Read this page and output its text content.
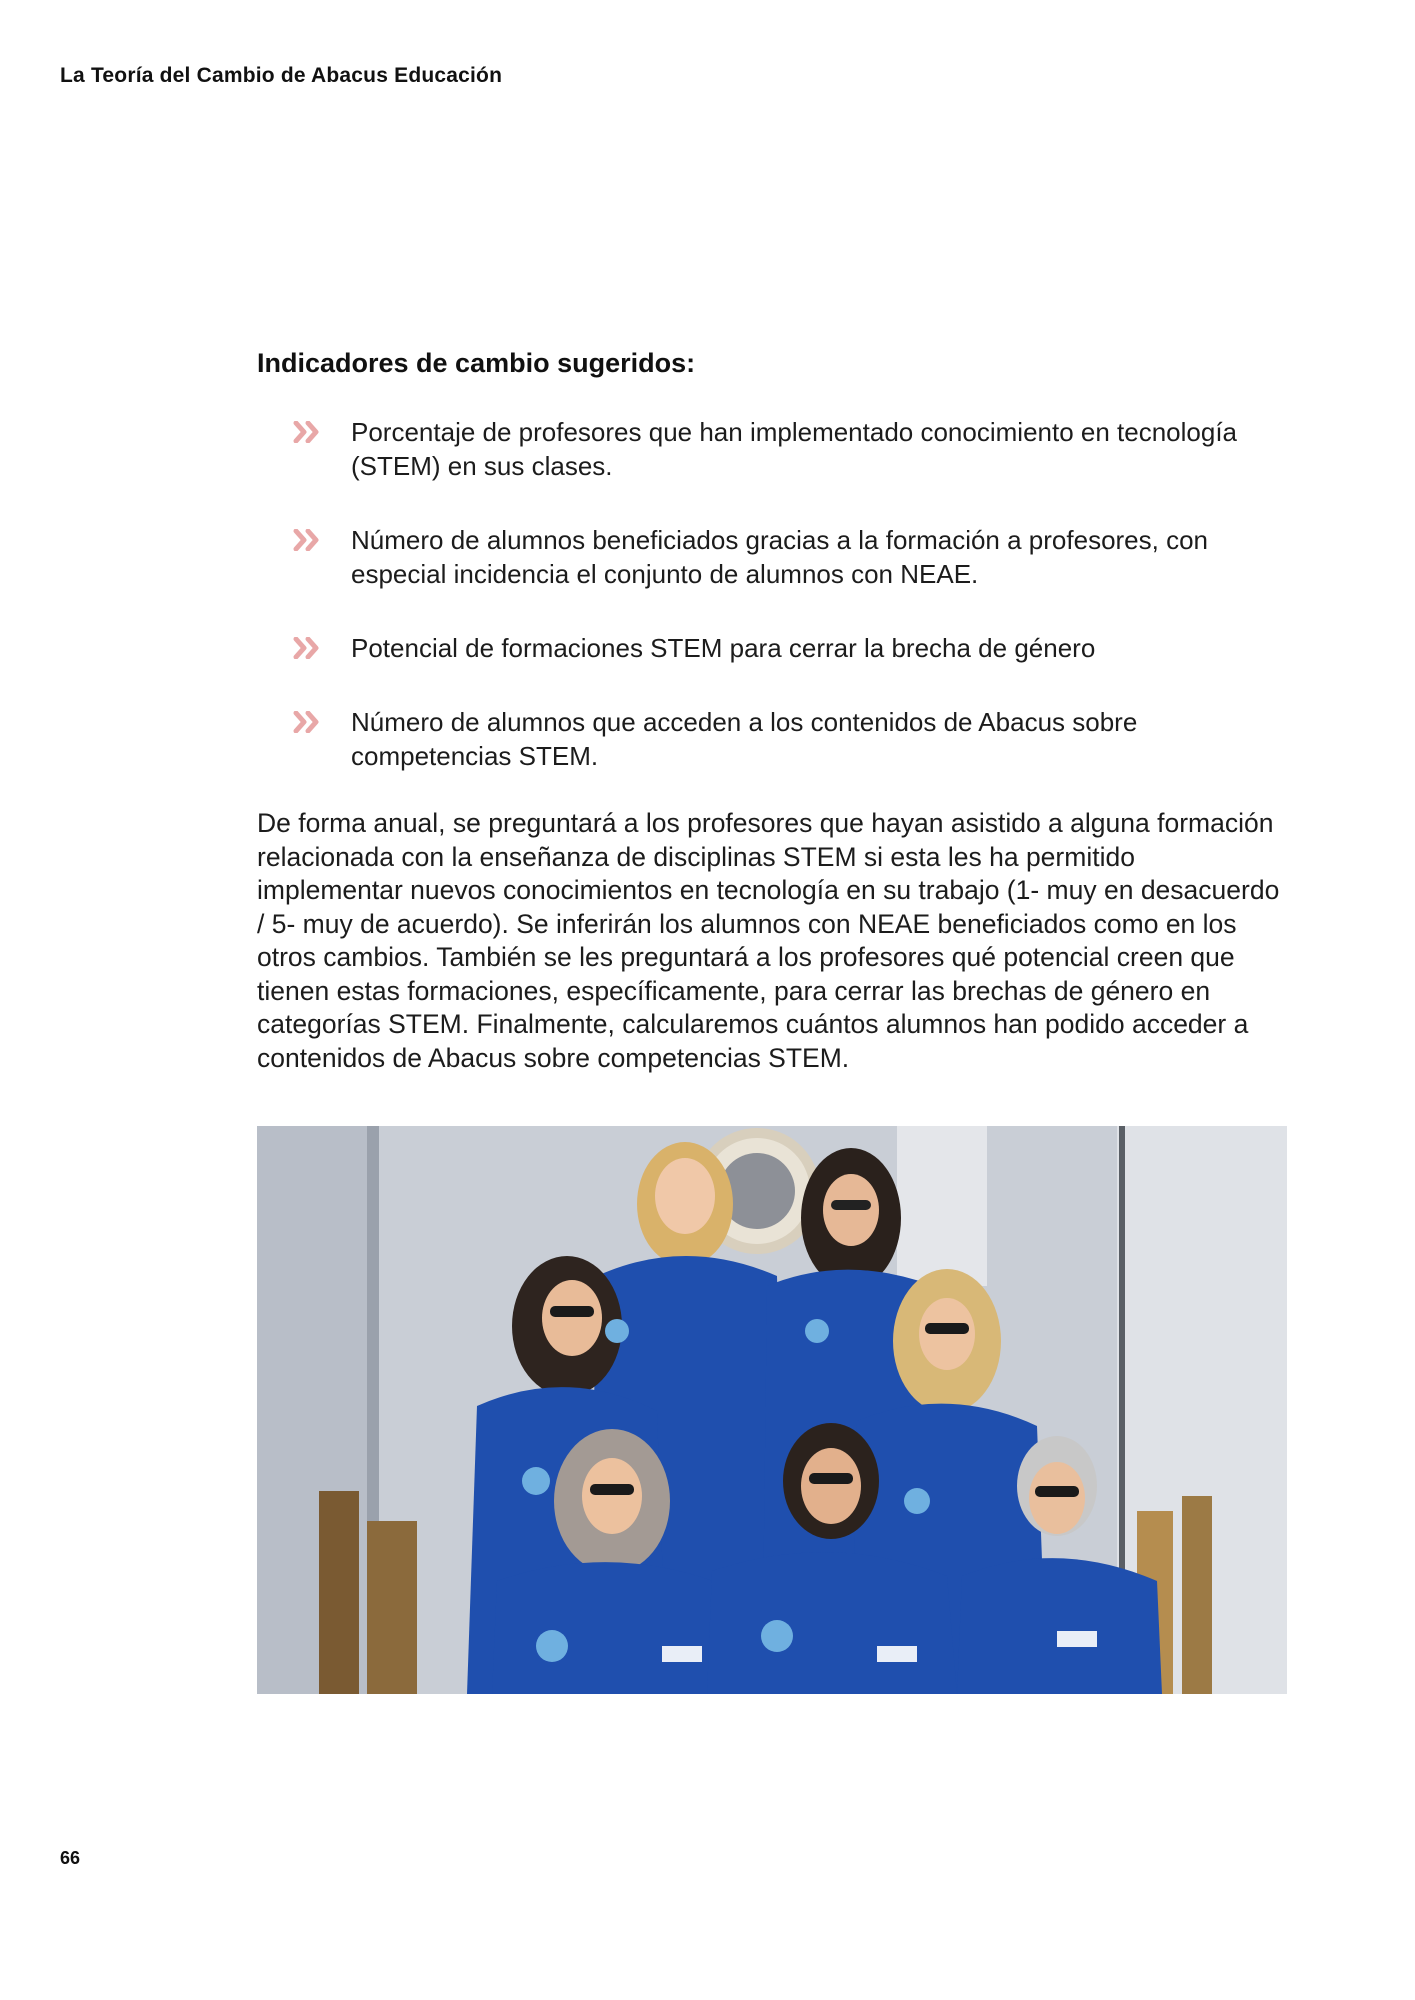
La Teoría del Cambio de Abacus Educación
Indicadores de cambio sugeridos:
Porcentaje de profesores que han implementado conocimiento en tecnología (STEM) en sus clases.
Número de alumnos beneficiados gracias a la formación a profesores, con especial incidencia el conjunto de alumnos con NEAE.
Potencial de formaciones STEM para cerrar la brecha de género
Número de alumnos que acceden a los contenidos de Abacus sobre competencias STEM.

De forma anual, se preguntará a los profesores que hayan asistido a alguna formación relacionada con la enseñanza de disciplinas STEM si esta les ha permitido implementar nuevos conocimientos en tecnología en su trabajo (1- muy en desacuerdo / 5- muy de acuerdo). Se inferirán los alumnos con NEAE beneficiados como en los otros cambios. También se les preguntará a los profesores qué potencial creen que tienen estas formaciones, específicamente, para cerrar las brechas de género en categorías STEM. Finalmente, calcularemos cuántos alumnos han podido acceder a contenidos de Abacus sobre competencias STEM.

66
